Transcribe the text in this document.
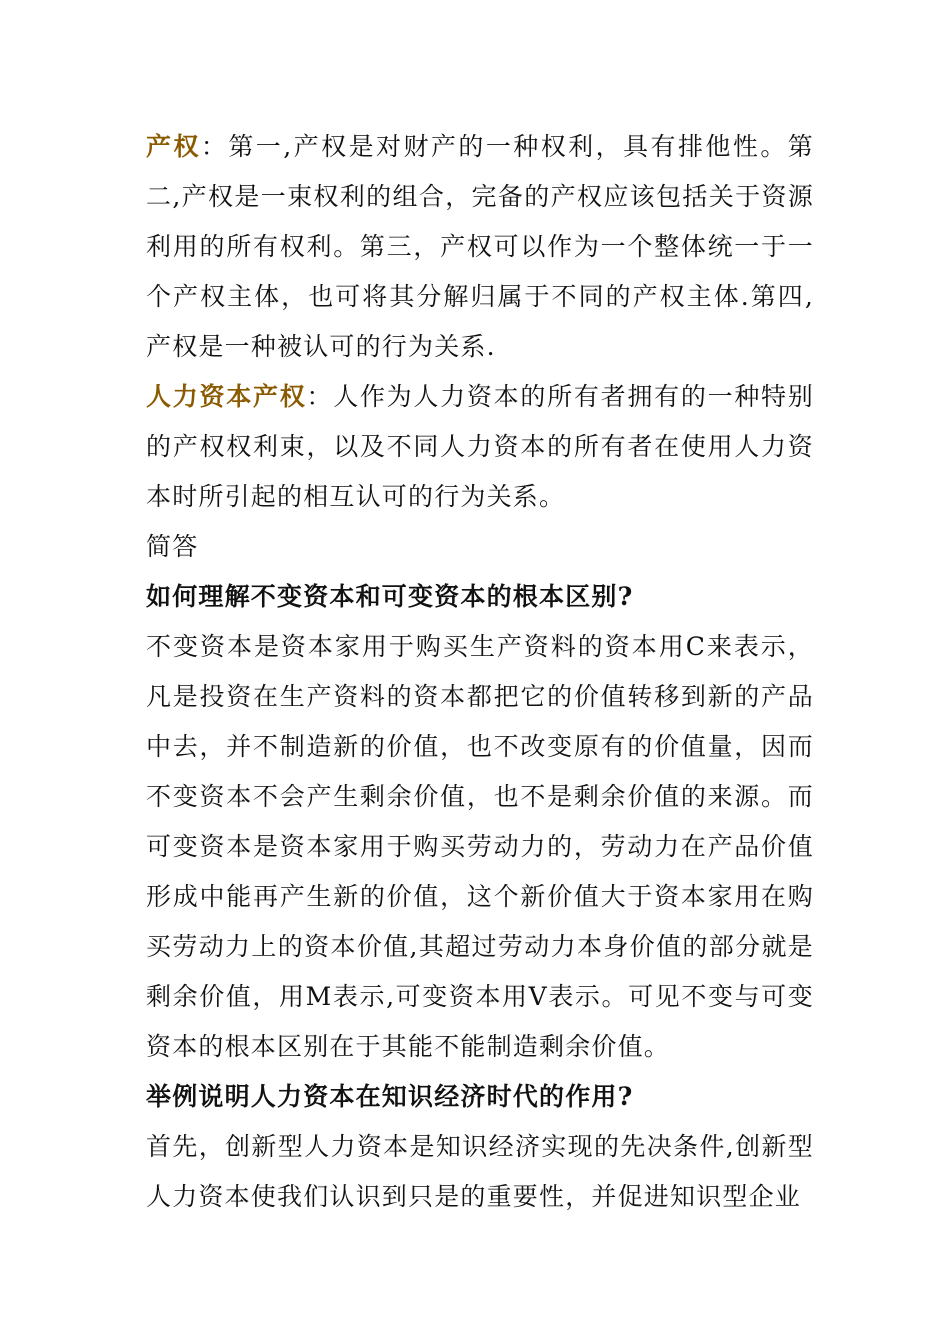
产权：第一,产权是对财产的一种权利，具有排他性。第二,产权是一束权利的组合，完备的产权应该包括关于资源利用的所有权利。第三，产权可以作为一个整体统一于一个产权主体，也可将其分解归属于不同的产权主体.第四,产权是一种被认可的行为关系.

人力资本产权：人作为人力资本的所有者拥有的一种特别的产权权利束，以及不同人力资本的所有者在使用人力资本时所引起的相互认可的行为关系。

简答

如何理解不变资本和可变资本的根本区别?

不变资本是资本家用于购买生产资料的资本用C来表示，凡是投资在生产资料的资本都把它的价值转移到新的产品中去，并不制造新的价值，也不改变原有的价值量，因而不变资本不会产生剩余价值，也不是剩余价值的来源。而可变资本是资本家用于购买劳动力的，劳动力在产品价值形成中能再产生新的价值，这个新价值大于资本家用在购买劳动力上的资本价值,其超过劳动力本身价值的部分就是剩余价值，用M表示,可变资本用V表示。可见不变与可变资本的根本区别在于其能不能制造剩余价值。

举例说明人力资本在知识经济时代的作用?

首先，创新型人力资本是知识经济实现的先决条件,创新型人力资本使我们认识到只是的重要性，并促进知识型企业
